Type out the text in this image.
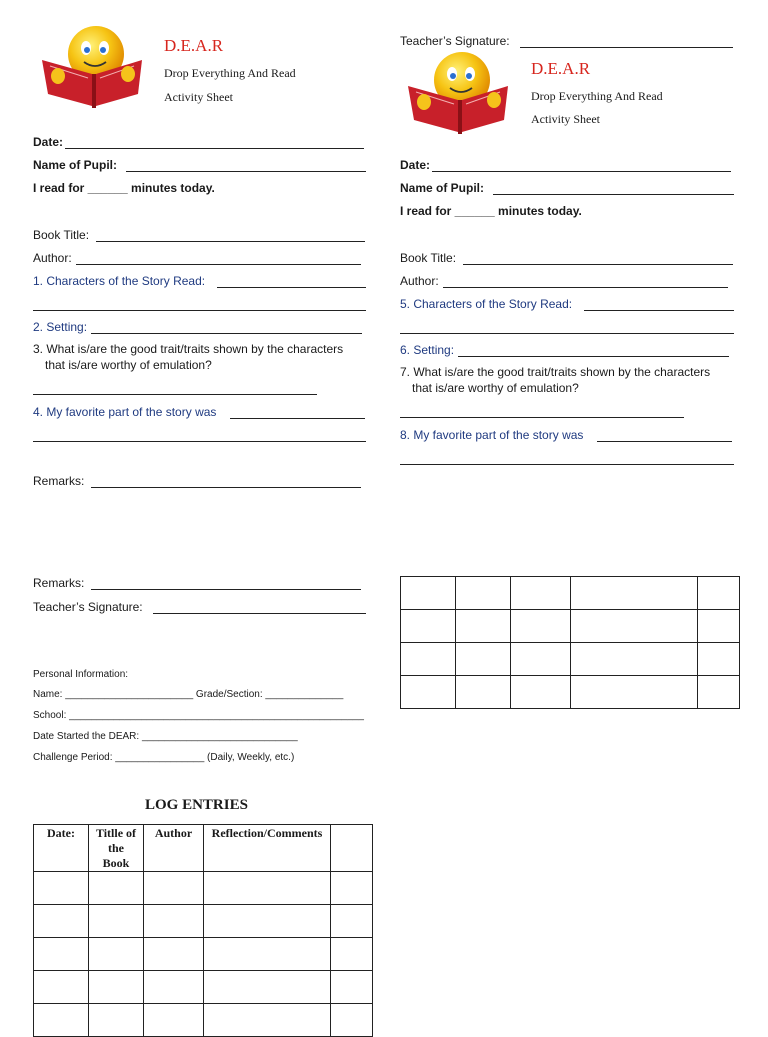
D.E.A.R
Drop Everything And Read
Activity Sheet
Date:
Name of Pupil:
I read for ______ minutes today.
Book Title:
Author:
1. Characters of the Story Read:
2. Setting:
3. What is/are the good trait/traits shown by the characters
that is/are worthy of emulation?
4. My favorite part of the story was
Remarks:
Remarks:
Teacher’s Signature:
Personal Information:
Name: _______________________ Grade/Section: ______________
School: _____________________________________________________
Date Started the DEAR: ____________________________
Challenge Period: ________________ (Daily, Weekly, etc.)
LOG ENTRIES
Date:	Titlle of
the
Book	Author	Reflection/Comments	

Teacher’s Signature:
D.E.A.R
Drop Everything And Read
Activity Sheet
Date:
Name of Pupil:
I read for ______ minutes today.
Book Title:
Author:
5. Characters of the Story Read:
6. Setting:
7. What is/are the good trait/traits shown by the characters
that is/are worthy of emulation?
8. My favorite part of the story was
